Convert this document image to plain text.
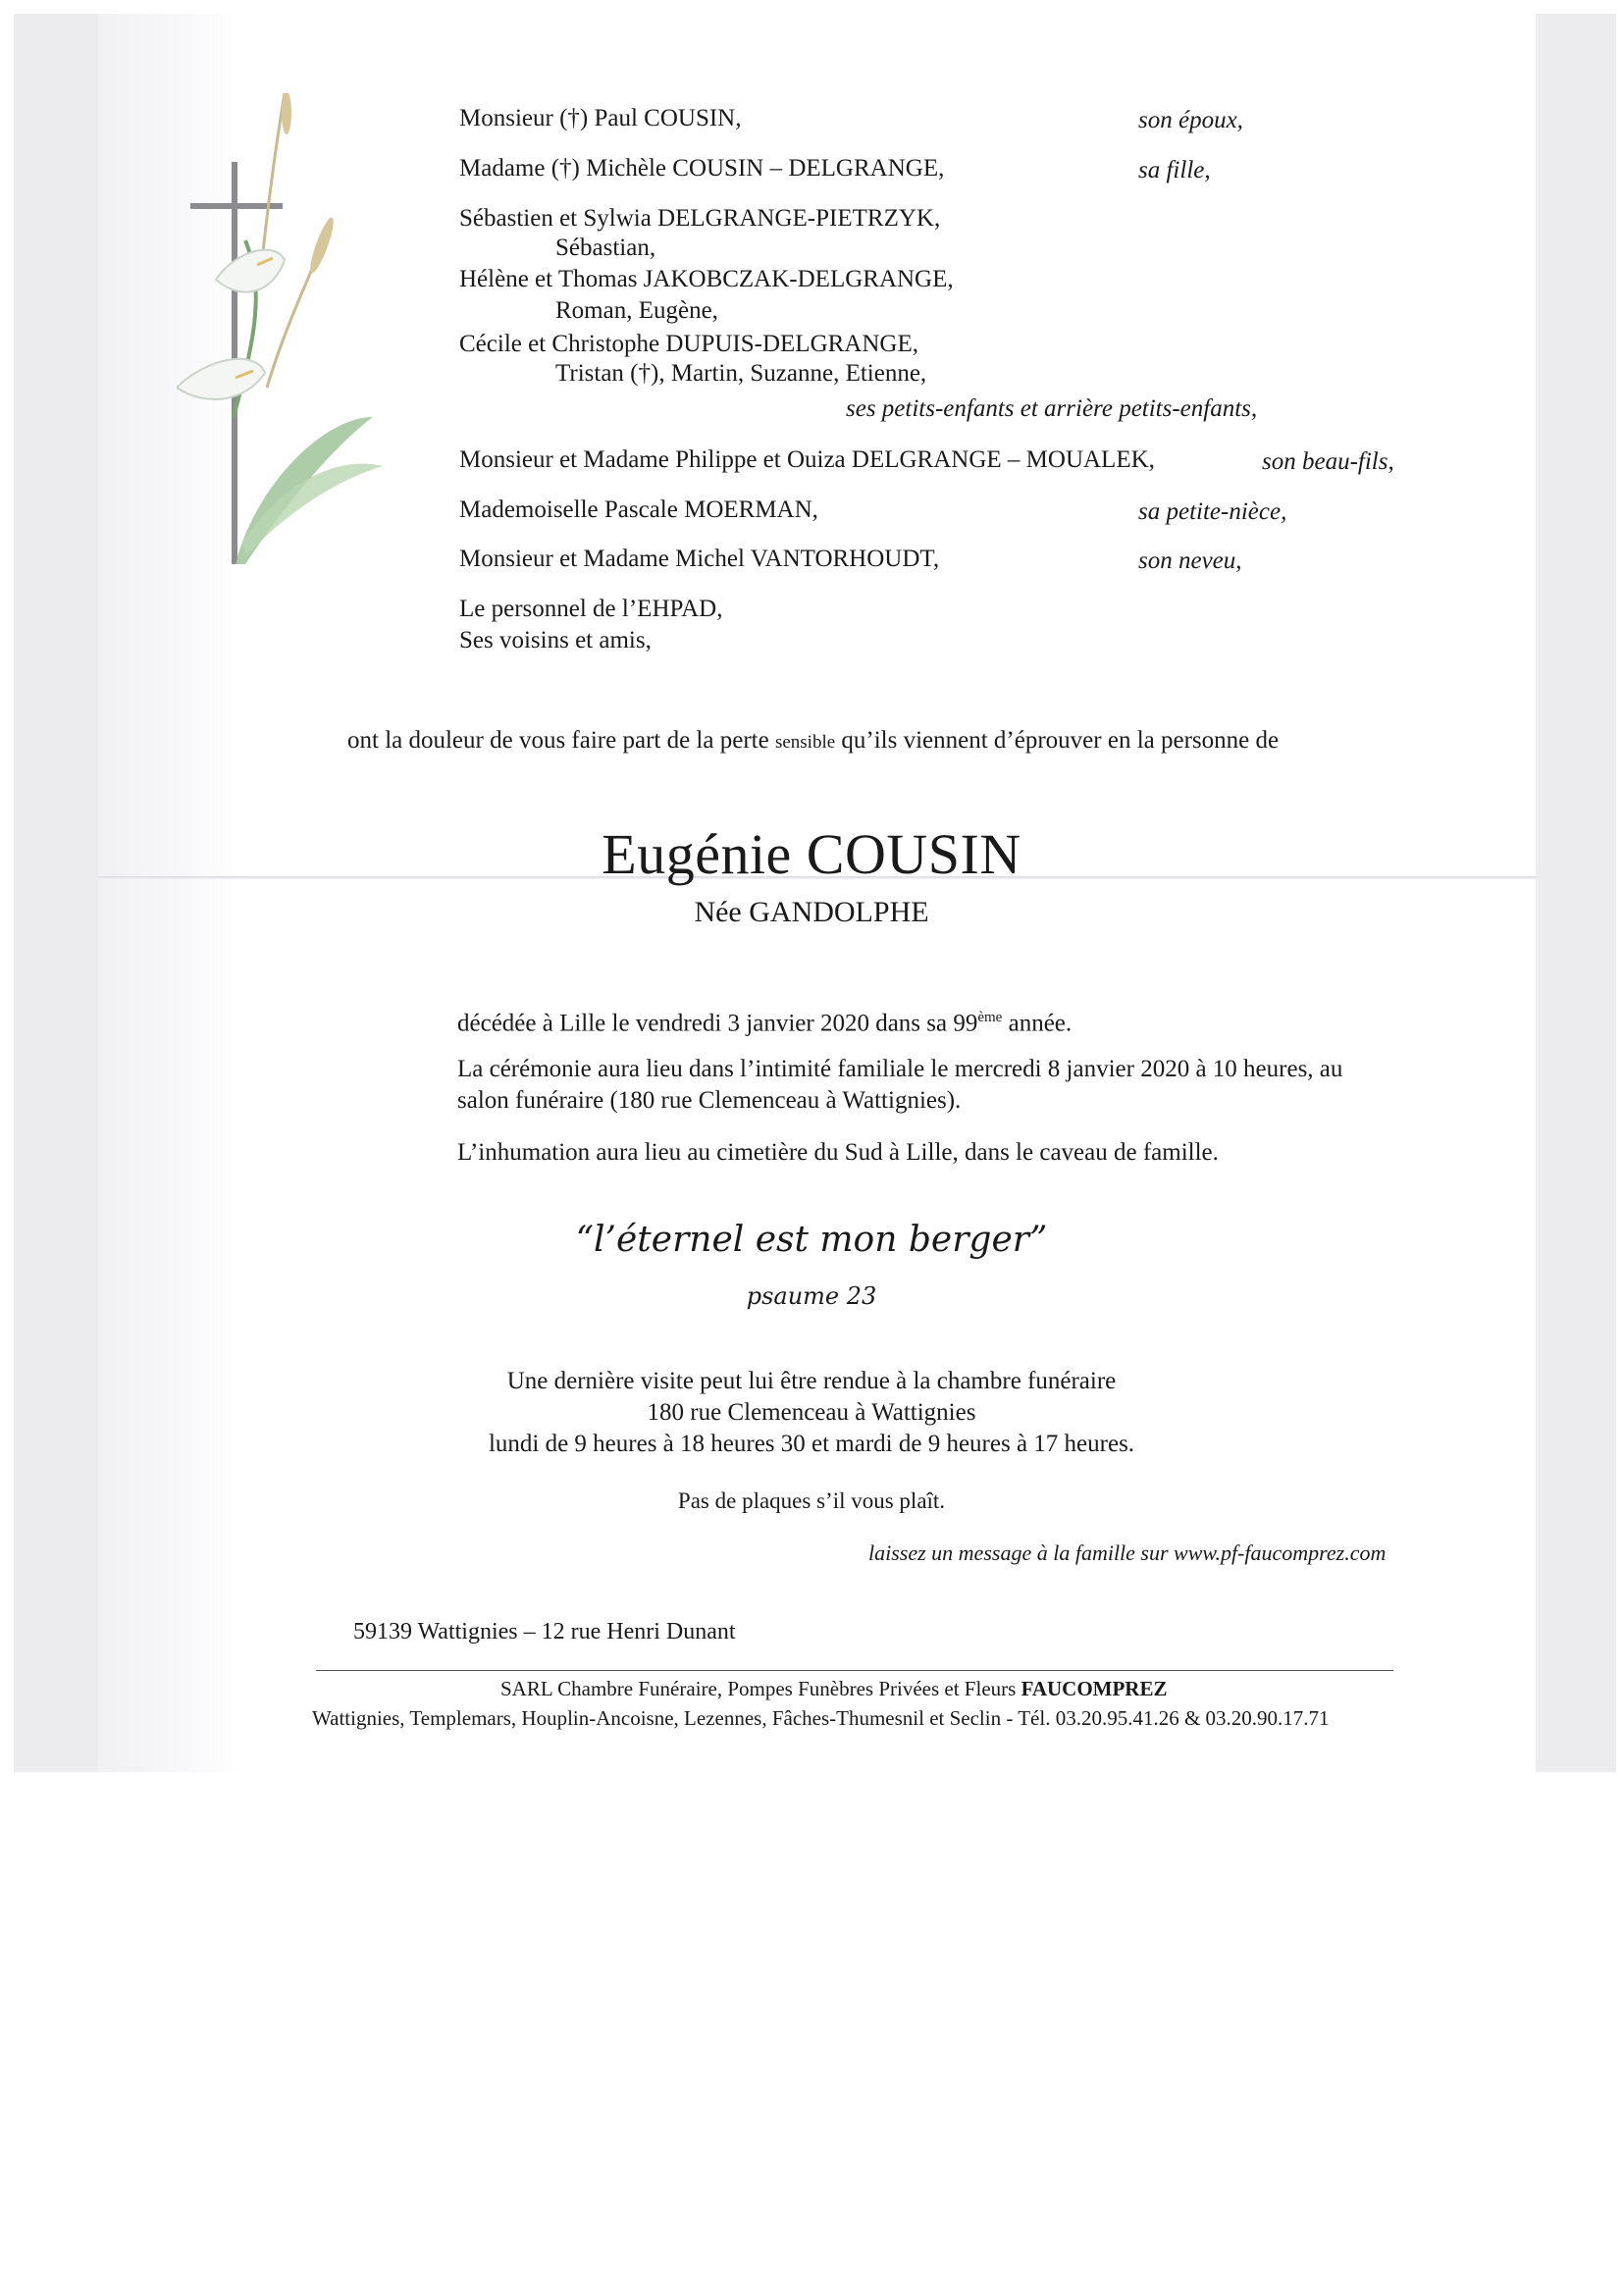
Monsieur (†) Paul COUSIN,	son époux,
Madame (†) Michèle COUSIN – DELGRANGE,	sa fille,
Sébastien et Sylwia DELGRANGE-PIETRZYK,
Sébastian,
Hélène et Thomas JAKOBCZAK-DELGRANGE,
Roman, Eugène,
Cécile et Christophe DUPUIS-DELGRANGE,
Tristan (†), Martin, Suzanne, Etienne,
ses petits-enfants et arrière petits-enfants,
Monsieur et Madame Philippe et Ouiza DELGRANGE – MOUALEK,	son beau-fils,
Mademoiselle Pascale MOERMAN,	sa petite-nièce,
Monsieur et Madame Michel VANTORHOUDT,	son neveu,
Le personnel de l’EHPAD,
Ses voisins et amis,
ont la douleur de vous faire part de la perte sensible qu’ils viennent d’éprouver en la personne de
Eugénie COUSIN
Née GANDOLPHE
décédée à Lille le vendredi 3 janvier 2020 dans sa 99ème année.
La cérémonie aura lieu dans l’intimité familiale le mercredi 8 janvier 2020 à 10 heures, au
salon funéraire (180 rue Clemenceau à Wattignies).
L’inhumation aura lieu au cimetière du Sud à Lille, dans le caveau de famille.
“l’éternel est mon berger”
psaume 23
Une dernière visite peut lui être rendue à la chambre funéraire
180 rue Clemenceau à Wattignies
lundi de 9 heures à 18 heures 30 et mardi de 9 heures à 17 heures.
Pas de plaques s’il vous plaît.
laissez un message à la famille sur www.pf-faucomprez.com
59139 Wattignies – 12 rue Henri Dunant
SARL Chambre Funéraire, Pompes Funèbres Privées et Fleurs FAUCOMPREZ
Wattignies, Templemars, Houplin-Ancoisne, Lezennes, Fâches-Thumesnil et Seclin - Tél. 03.20.95.41.26 & 03.20.90.17.71
